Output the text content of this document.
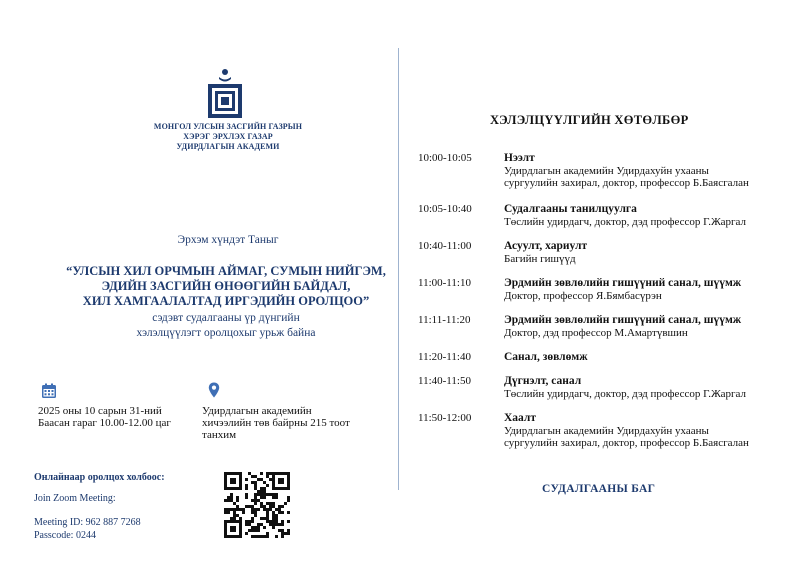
МОНГОЛ УЛСЫН ЗАСГИЙН ГАЗРЫН
ХЭРЭГ ЭРХЛЭХ ГАЗАР
УДИРДЛАГЫН АКАДЕМИ
Эрхэм хүндэт Таныг
“УЛСЫН ХИЛ ОРЧМЫН АЙМАГ, СУМЫН НИЙГЭМ,
ЭДИЙН ЗАСГИЙН ӨНӨӨГИЙН БАЙДАЛ,
ХИЛ ХАМГААЛАЛТАД ИРГЭДИЙН ОРОЛЦОО”
сэдэвт судалгааны үр дүнгийн
хэлэлцүүлэгт оролцохыг урьж байна
2025 оны 10 сарын 31-ний
Баасан гараг 10.00-12.00 цаг
Удирдлагын академийн
хичээлийн төв байрны 215 тоот
танхим
Онлайнаар оролцох холбоос:
Join Zoom Meeting:
Meeting ID: 962 887 7268
Passcode: 0244
ХЭЛЭЛЦҮҮЛГИЙН ХӨТӨЛБӨР
10:00-10:05	Нээлт
Удирдлагын академийн Удирдахуйн ухааны
сургуулийн захирал, доктор, профессор Б.Баясгалан
10:05-10:40	Судалгааны танилцуулга
Төслийн удирдагч, доктор, дэд профессор Г.Жаргал
10:40-11:00	Асуулт, хариулт
Багийн гишүүд
11:00-11:10	Эрдмийн зөвлөлийн гишүүний санал, шүүмж
Доктор, профессор Я.Бямбасүрэн
11:11-11:20	Эрдмийн зөвлөлийн гишүүний санал, шүүмж
Доктор, дэд профессор М.Амартүвшин
11:20-11:40	Санал, зөвлөмж
11:40-11:50	Дүгнэлт, санал
Төслийн удирдагч, доктор, дэд профессор Г.Жаргал
11:50-12:00	Хаалт
Удирдлагын академийн Удирдахуйн ухааны
сургуулийн захирал, доктор, профессор Б.Баясгалан
СУДАЛГААНЫ БАГ
